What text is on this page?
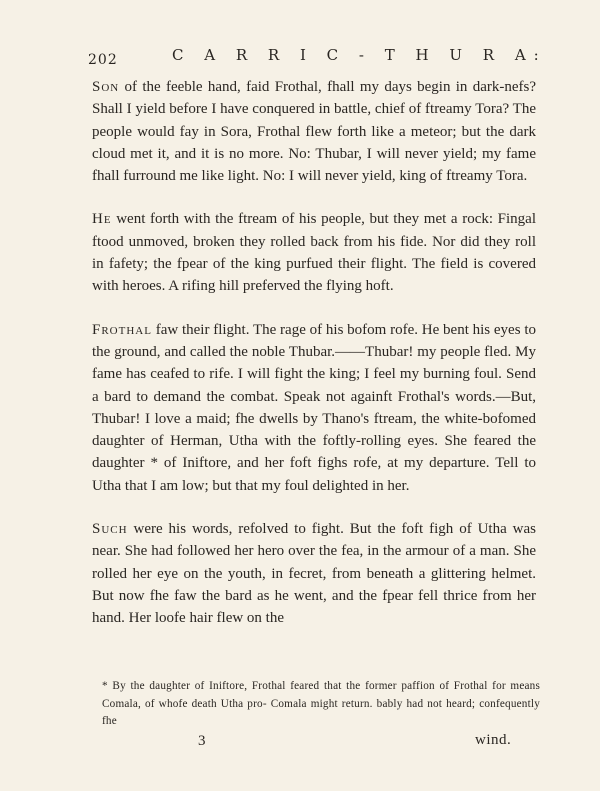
202	C A R R I C - T H U R A:

Son of the feeble hand, faid Frothal, fhall my days begin in dark-nefs? Shall I yield before I have conquered in battle, chief of ftreamy Tora? The people would fay in Sora, Frothal flew forth like a meteor; but the dark cloud met it, and it is no more. No: Thubar, I will never yield; my fame fhall furround me like light. No: I will never yield, king of ftreamy Tora.

He went forth with the ftream of his people, but they met a rock: Fingal ftood unmoved, broken they rolled back from his fide. Nor did they roll in fafety; the fpear of the king purfued their flight. The field is covered with heroes. A rifing hill preferved the flying hoft.

Frothal faw their flight. The rage of his bofom rofe. He bent his eyes to the ground, and called the noble Thubar.——Thubar! my people fled. My fame has ceafed to rife. I will fight the king; I feel my burning foul. Send a bard to demand the combat. Speak not againft Frothal's words.—But, Thubar! I love a maid; fhe dwells by Thano's ftream, the white-bofomed daughter of Herman, Utha with the foftly-rolling eyes. She feared the daughter * of Iniftore, and her foft fighs rofe, at my departure. Tell to Utha that I am low; but that my foul delighted in her.

Such were his words, refolved to fight. But the foft figh of Utha was near. She had followed her hero over the fea, in the armour of a man. She rolled her eye on the youth, in fecret, from beneath a glittering helmet. But now fhe faw the bard as he went, and the fpear fell thrice from her hand. Her loofe hair flew on the

* By the daughter of Iniftore, Frothal feared that the former paffion of Frothal for means Comala, of whofe death Utha pro- Comala might return. bably had not heard; confequently fhe

3	wind.
